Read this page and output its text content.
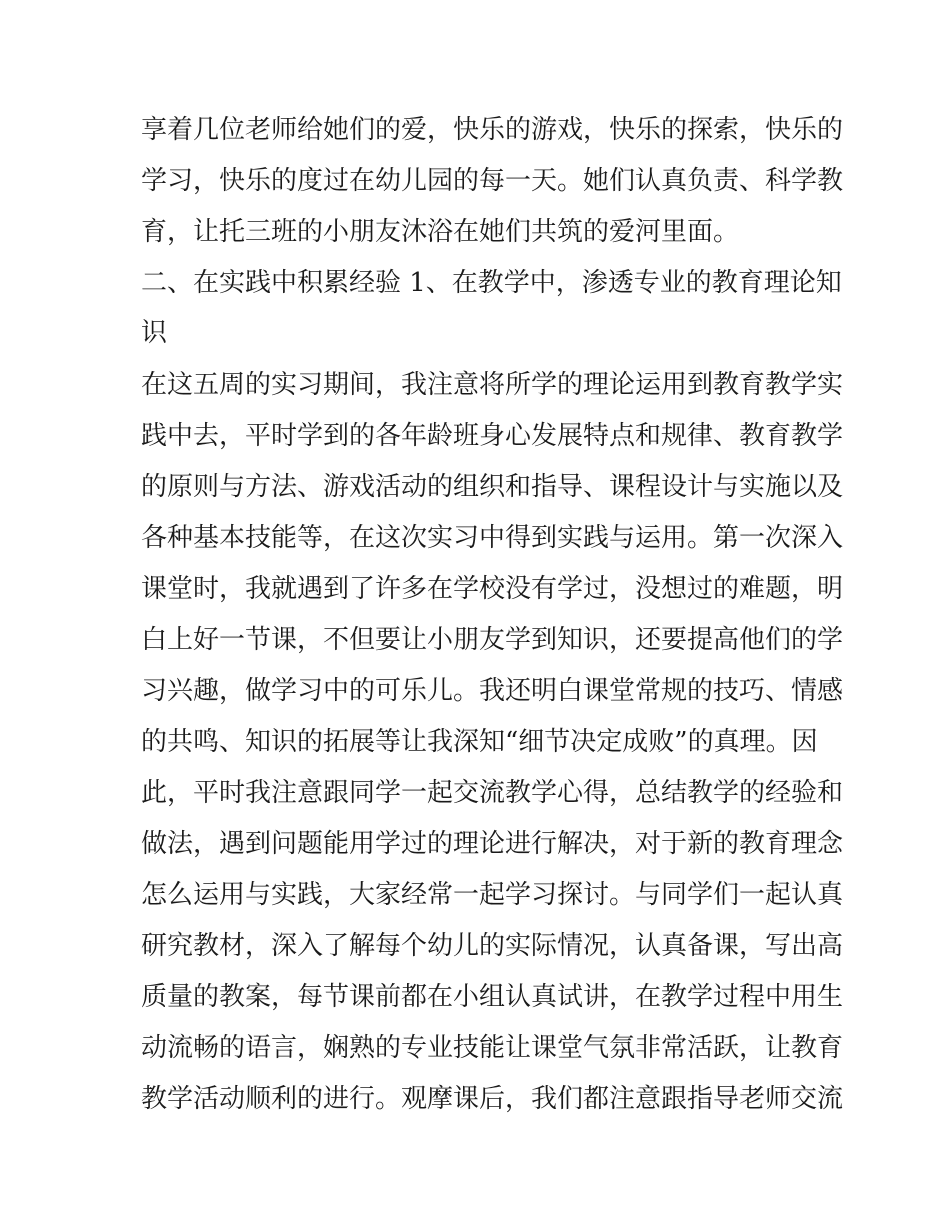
享着几位老师给她们的爱，快乐的游戏，快乐的探索，快乐的
学习，快乐的度过在幼儿园的每一天。她们认真负责、科学教
育，让托三班的小朋友沐浴在她们共筑的爱河里面。
二、在实践中积累经验 1、在教学中，渗透专业的教育理论知
识
在这五周的实习期间，我注意将所学的理论运用到教育教学实
践中去，平时学到的各年龄班身心发展特点和规律、教育教学
的原则与方法、游戏活动的组织和指导、课程设计与实施以及
各种基本技能等，在这次实习中得到实践与运用。第一次深入
课堂时，我就遇到了许多在学校没有学过，没想过的难题，明
白上好一节课，不但要让小朋友学到知识，还要提高他们的学
习兴趣，做学习中的可乐儿。我还明白课堂常规的技巧、情感
的共鸣、知识的拓展等让我深知“细节决定成败”的真理。因
此，平时我注意跟同学一起交流教学心得，总结教学的经验和
做法，遇到问题能用学过的理论进行解决，对于新的教育理念
怎么运用与实践，大家经常一起学习探讨。与同学们一起认真
研究教材，深入了解每个幼儿的实际情况，认真备课，写出高
质量的教案，每节课前都在小组认真试讲，在教学过程中用生
动流畅的语言，娴熟的专业技能让课堂气氛非常活跃，让教育
教学活动顺利的进行。观摩课后，我们都注意跟指导老师交流
